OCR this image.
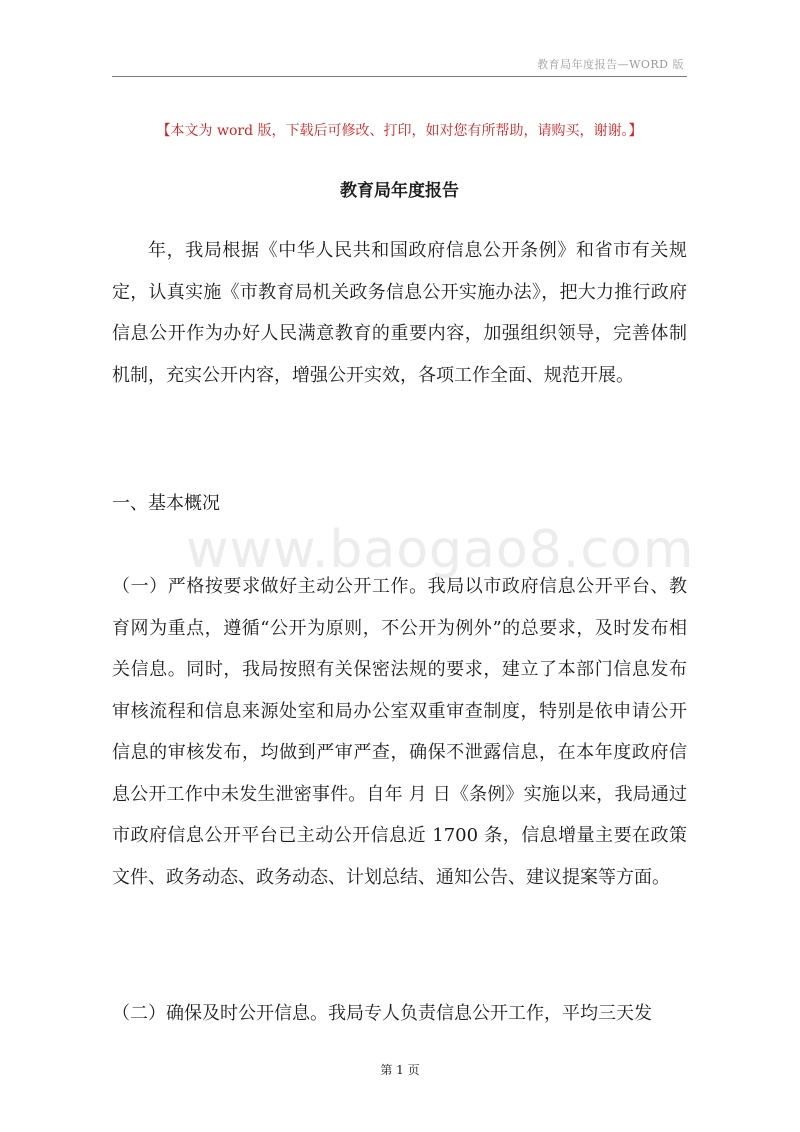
教育局年度报告—WORD 版
【本文为 word 版，下载后可修改、打印，如对您有所帮助，请购买，谢谢。】
教育局年度报告

年，我局根据《中华人民共和国政府信息公开条例》和省市有关规定，认真实施《市教育局机关政务信息公开实施办法》，把大力推行政府信息公开作为办好人民满意教育的重要内容，加强组织领导，完善体制机制，充实公开内容，增强公开实效，各项工作全面、规范开展。

一、基本概况

www.baogao8.com

（一）严格按要求做好主动公开工作。我局以市政府信息公开平台、教育网为重点，遵循“公开为原则，不公开为例外”的总要求，及时发布相关信息。同时，我局按照有关保密法规的要求，建立了本部门信息发布审核流程和信息来源处室和局办公室双重审查制度，特别是依申请公开信息的审核发布，均做到严审严查，确保不泄露信息，在本年度政府信息公开工作中未发生泄密事件。自年 月 日《条例》实施以来，我局通过市政府信息公开平台已主动公开信息近 1700 条，信息增量主要在政策文件、政务动态、政务动态、计划总结、通知公告、建议提案等方面。

（二）确保及时公开信息。我局专人负责信息公开工作，平均三天发

第 1 页
